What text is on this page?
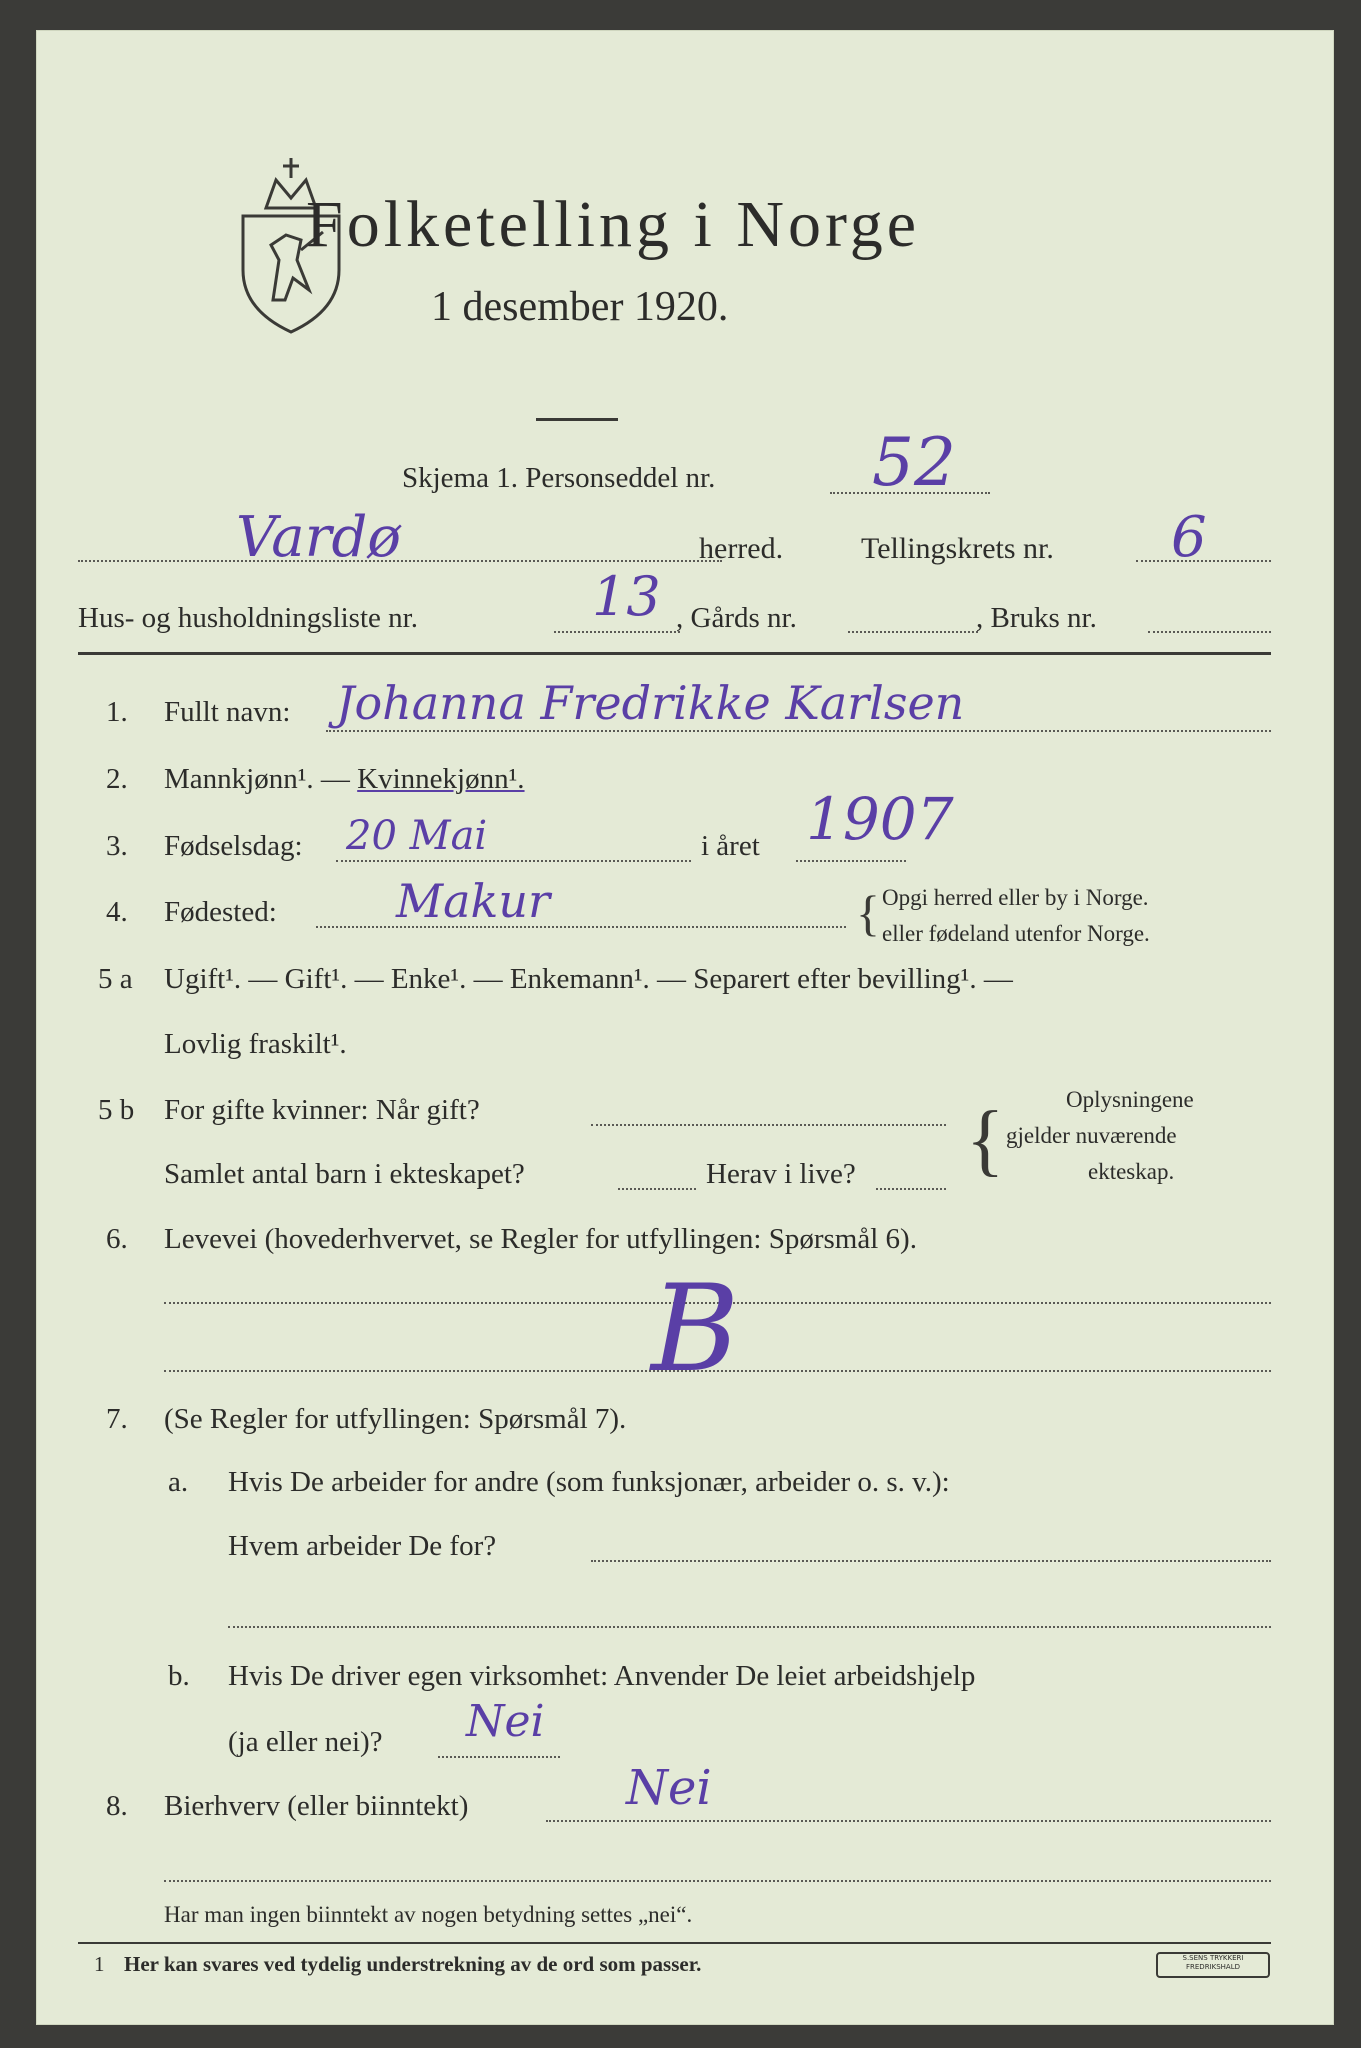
Folketelling i Norge
1 desember 1920.
Skjema 1. Personseddel nr. 52
Vardø	herred.	Tellingskrets nr. 6
Hus- og husholdningsliste nr.	13 , Gårds nr.	, Bruks nr.
1. Fullt navn: Johanna Fredrikke Karlsen
2. Mannkjønn¹. — Kvinnekjønn¹.
3. Fødselsdag: 20 Mai	i året 1907
4. Fødested:	Makur	{ Opgi herred eller by i Norge.
eller fødeland utenfor Norge.
5 a Ugift¹. — Gift¹. — Enke¹. — Enkemann¹. — Separert efter bevilling¹. —
Lovlig fraskilt¹.
5 b For gifte kvinner: Når gift?
Samlet antal barn i ekteskapet?	Herav i live? {	Oplysningene
gjelder nuværende
ekteskap.
6. Levevei (hovederhvervet, se Regler for utfyllingen: Spørsmål 6).
B
7. (Se Regler for utfyllingen: Spørsmål 7).
a. Hvis De arbeider for andre (som funksjonær, arbeider o. s. v.):
Hvem arbeider De for?
b. Hvis De driver egen virksomhet: Anvender De leiet arbeidshjelp
(ja eller nei)? Nei
8. Bierhverv (eller biinntekt)	Nei
Har man ingen biinntekt av nogen betydning settes „nei“.
1 Her kan svares ved tydelig understrekning av de ord som passer.	S.SENS TRYKKERI FREDRIKSHALD
